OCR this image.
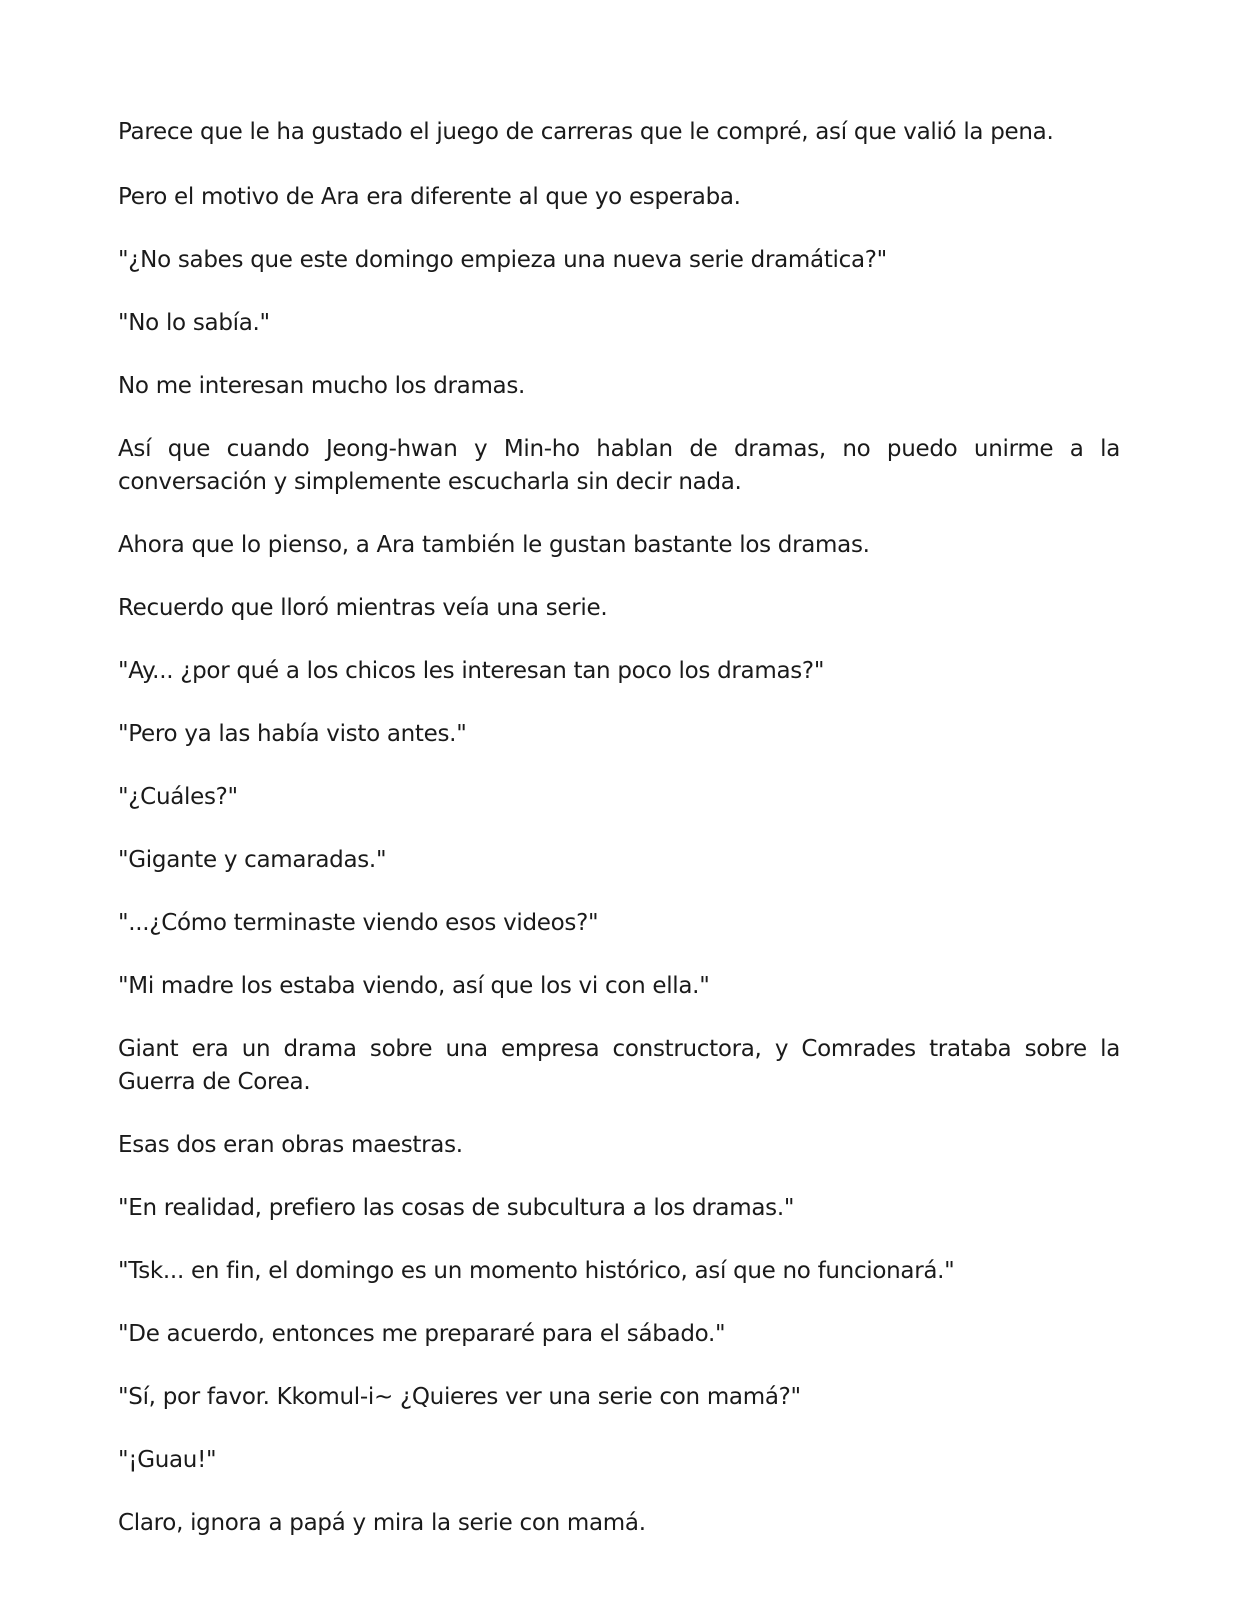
Parece que le ha gustado el juego de carreras que le compré, así que valió la pena.

Pero el motivo de Ara era diferente al que yo esperaba.

"¿No sabes que este domingo empieza una nueva serie dramática?"

"No lo sabía."

No me interesan mucho los dramas.

Así que cuando Jeong-hwan y Min-ho hablan de dramas, no puedo unirme a la conversación y simplemente escucharla sin decir nada.

Ahora que lo pienso, a Ara también le gustan bastante los dramas.

Recuerdo que lloró mientras veía una serie.

"Ay... ¿por qué a los chicos les interesan tan poco los dramas?"

"Pero ya las había visto antes."

"¿Cuáles?"

"Gigante y camaradas."

"...¿Cómo terminaste viendo esos videos?"

"Mi madre los estaba viendo, así que los vi con ella."

Giant era un drama sobre una empresa constructora, y Comrades trataba sobre la Guerra de Corea.

Esas dos eran obras maestras.

"En realidad, prefiero las cosas de subcultura a los dramas."

"Tsk... en fin, el domingo es un momento histórico, así que no funcionará."

"De acuerdo, entonces me prepararé para el sábado."

"Sí, por favor. Kkomul-i~ ¿Quieres ver una serie con mamá?"

"¡Guau!"

Claro, ignora a papá y mira la serie con mamá.
